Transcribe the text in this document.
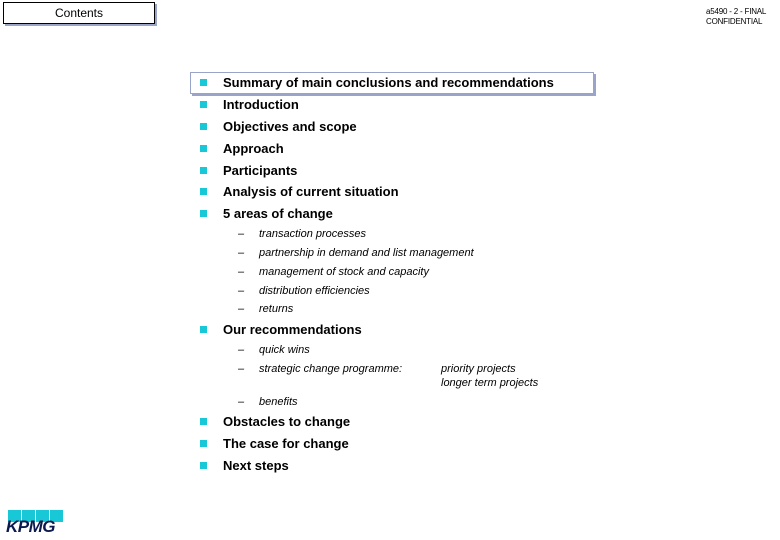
Contents	a5490 - 2 - FINAL
CONFIDENTIAL
Summary of main conclusions and recommendations
Introduction
Objectives and scope
Approach
Participants
Analysis of current situation
5 areas of change
– transaction processes
– partnership in demand and list management
– management of stock and capacity
– distribution efficiencies
– returns
Our recommendations
– quick wins
– strategic change programme:	priority projects
longer term projects
– benefits
Obstacles to change
The case for change
Next steps
KPMG
